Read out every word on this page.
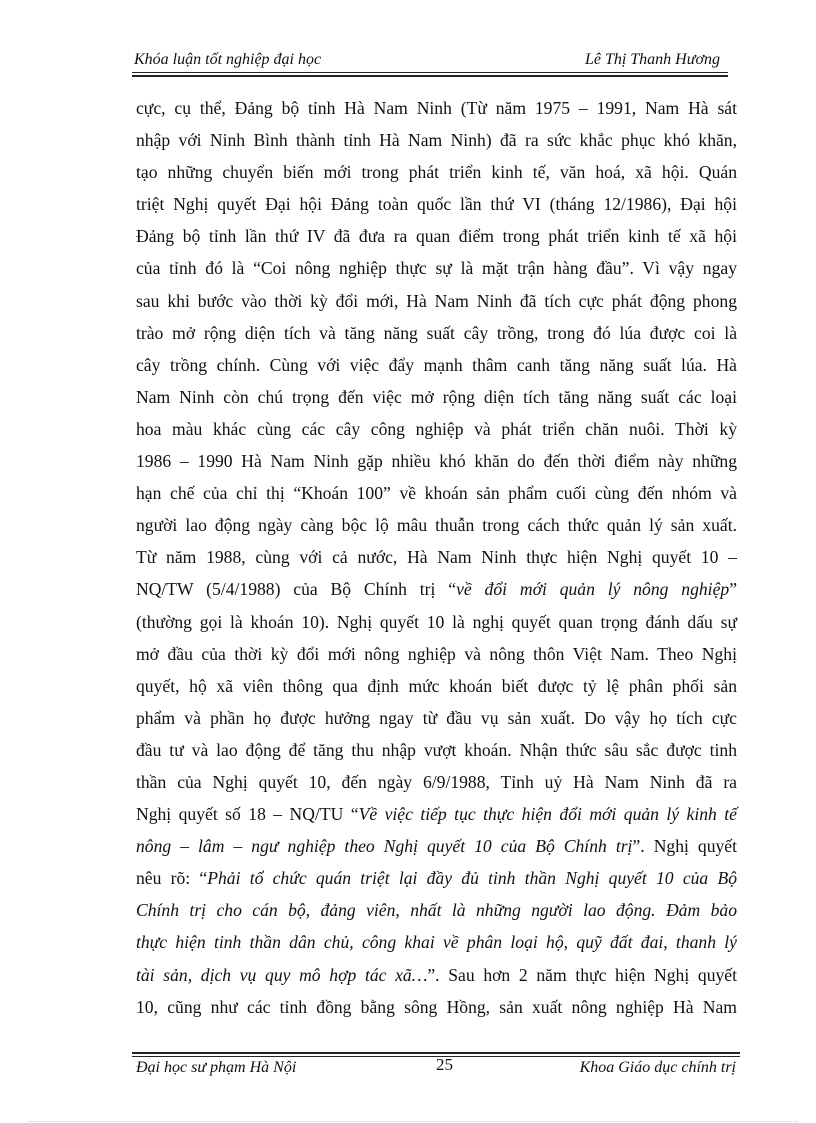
Khóa luận tốt nghiệp đại học	Lê Thị Thanh Hương
cực, cụ thể, Đảng bộ tỉnh Hà Nam Ninh (Từ năm 1975 – 1991, Nam Hà sát
nhập với Ninh Bình thành tỉnh Hà Nam Ninh) đã ra sức khắc phục khó khăn,
tạo những chuyển biến mới trong phát triển kinh tế, văn hoá, xã hội. Quán
triệt Nghị quyết Đại hội Đảng toàn quốc lần thứ VI (tháng 12/1986), Đại hội
Đảng bộ tỉnh lần thứ IV đã đưa ra quan điểm trong phát triển kinh tế xã hội
của tỉnh đó là “Coi nông nghiệp thực sự là mặt trận hàng đầu”. Vì vậy ngay
sau khi bước vào thời kỳ đổi mới, Hà Nam Ninh đã tích cực phát động phong
trào mở rộng diện tích và tăng năng suất cây trồng, trong đó lúa được coi là
cây trồng chính. Cùng với việc đẩy mạnh thâm canh tăng năng suất lúa. Hà
Nam Ninh còn chú trọng đến việc mở rộng diện tích tăng năng suất các loại
hoa màu khác cùng các cây công nghiệp và phát triển chăn nuôi. Thời kỳ
1986 – 1990 Hà Nam Ninh gặp nhiều khó khăn do đến thời điểm này những
hạn chế của chỉ thị “Khoán 100” về khoán sản phẩm cuối cùng đến nhóm và
người lao động ngày càng bộc lộ mâu thuẫn trong cách thức quản lý sản xuất.
Từ năm 1988, cùng với cả nước, Hà Nam Ninh thực hiện Nghị quyết 10 –
NQ/TW (5/4/1988) của Bộ Chính trị “về đổi mới quản lý nông nghiệp”
(thường gọi là khoán 10). Nghị quyết 10 là nghị quyết quan trọng đánh dấu sự
mở đầu của thời kỳ đổi mới nông nghiệp và nông thôn Việt Nam. Theo Nghị
quyết, hộ xã viên thông qua định mức khoán biết được tỷ lệ phân phối sản
phẩm và phần họ được hưởng ngay từ đầu vụ sản xuất. Do vậy họ tích cực
đầu tư và lao động để tăng thu nhập vượt khoán. Nhận thức sâu sắc được tinh
thần của Nghị quyết 10, đến ngày 6/9/1988, Tỉnh uỷ Hà Nam Ninh đã ra
Nghị quyết số 18 – NQ/TU “Về việc tiếp tục thực hiện đổi mới quản lý kinh tế
nông – lâm – ngư nghiệp theo Nghị quyết 10 của Bộ Chính trị”. Nghị quyết
nêu rõ: “Phải tổ chức quán triệt lại đầy đủ tinh thần Nghị quyết 10 của Bộ
Chính trị cho cán bộ, đảng viên, nhất là những người lao động. Đảm bảo
thực hiện tinh thần dân chủ, công khai về phân loại hộ, quỹ đất đai, thanh lý
tài sản, dịch vụ quy mô hợp tác xã…”. Sau hơn 2 năm thực hiện Nghị quyết
10, cũng như các tỉnh đồng bằng sông Hồng, sản xuất nông nghiệp Hà Nam
Đại học sư phạm Hà Nội	25	Khoa Giáo dục chính trị
